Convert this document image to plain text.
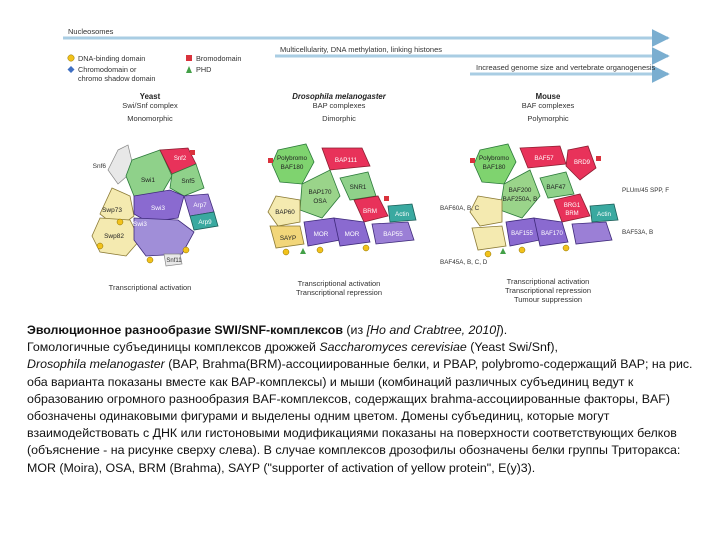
Nucleosomes
Multicellularity, DNA methylation, linking histones
Increased genome size and vertebrate organogenesis
DNA-binding domain	Bromodomain
Chromodomain or	PHD
chromo shadow domain
Yeast
Swi/Snf complex
Monomorphic
Snf6
Swi1
Snf2
Snf5
Swp73	Swi3	Arp7
Arp9
Swp82
Swi3
Snf11
Transcriptional activation
Drosophila melanogaster
BAP complexes
Dimorphic
Polybromo
BAF180
BAP111
BAP170
OSA
SNR1
BAP60	BRM	Actin
SAYP
MOR	MOR	BAP55
Transcriptional activation
Transcriptional repression
Mouse
BAF complexes
Polymorphic
Polybromo
BAF180
BAF57
BRD9
BAF200
BAF250A, B
BAF47
BRG1
BRM	Actin
BAF155 BAF170
PLUm/45 SPP, F
BAF53A, B
BAF45A, B, C, D
BAF60A, B, C
Transcriptional activation
Transcriptional repression
Tumour suppression

Эволюционное разнообразие SWI/SNF-комплексов (из [Ho and Crabtree, 2010]).

Гомологичные субъединицы комплексов дрожжей Saccharomyces cerevisiae (Yeast Swi/Snf),
Drosophila melanogaster (BAP, Brahma(BRM)-ассоциированные белки, и PBAP, polybromo-содержащий BAP; на рис. оба варианта показаны вместе как BAP-комплексы) и мыши (комбинаций различных субъединиц ведут к образованию огромного разнообразия BAF-комплексов, содержащих brahma-ассоциированные факторы, BAF) обозначены одинаковыми фигурами и выделены одним цветом. Домены субъединиц, которые могут взаимодействовать с ДНК или гистоновыми модификациями показаны на поверхности соответствующих белков (объяснение - на рисунке сверху слева). В случае комплексов дрозофилы обозначены белки группы Триторакса: MOR (Moira), OSA, BRM (Brahma), SAYP ("supporter of activation of yellow protein", E(y)3).
